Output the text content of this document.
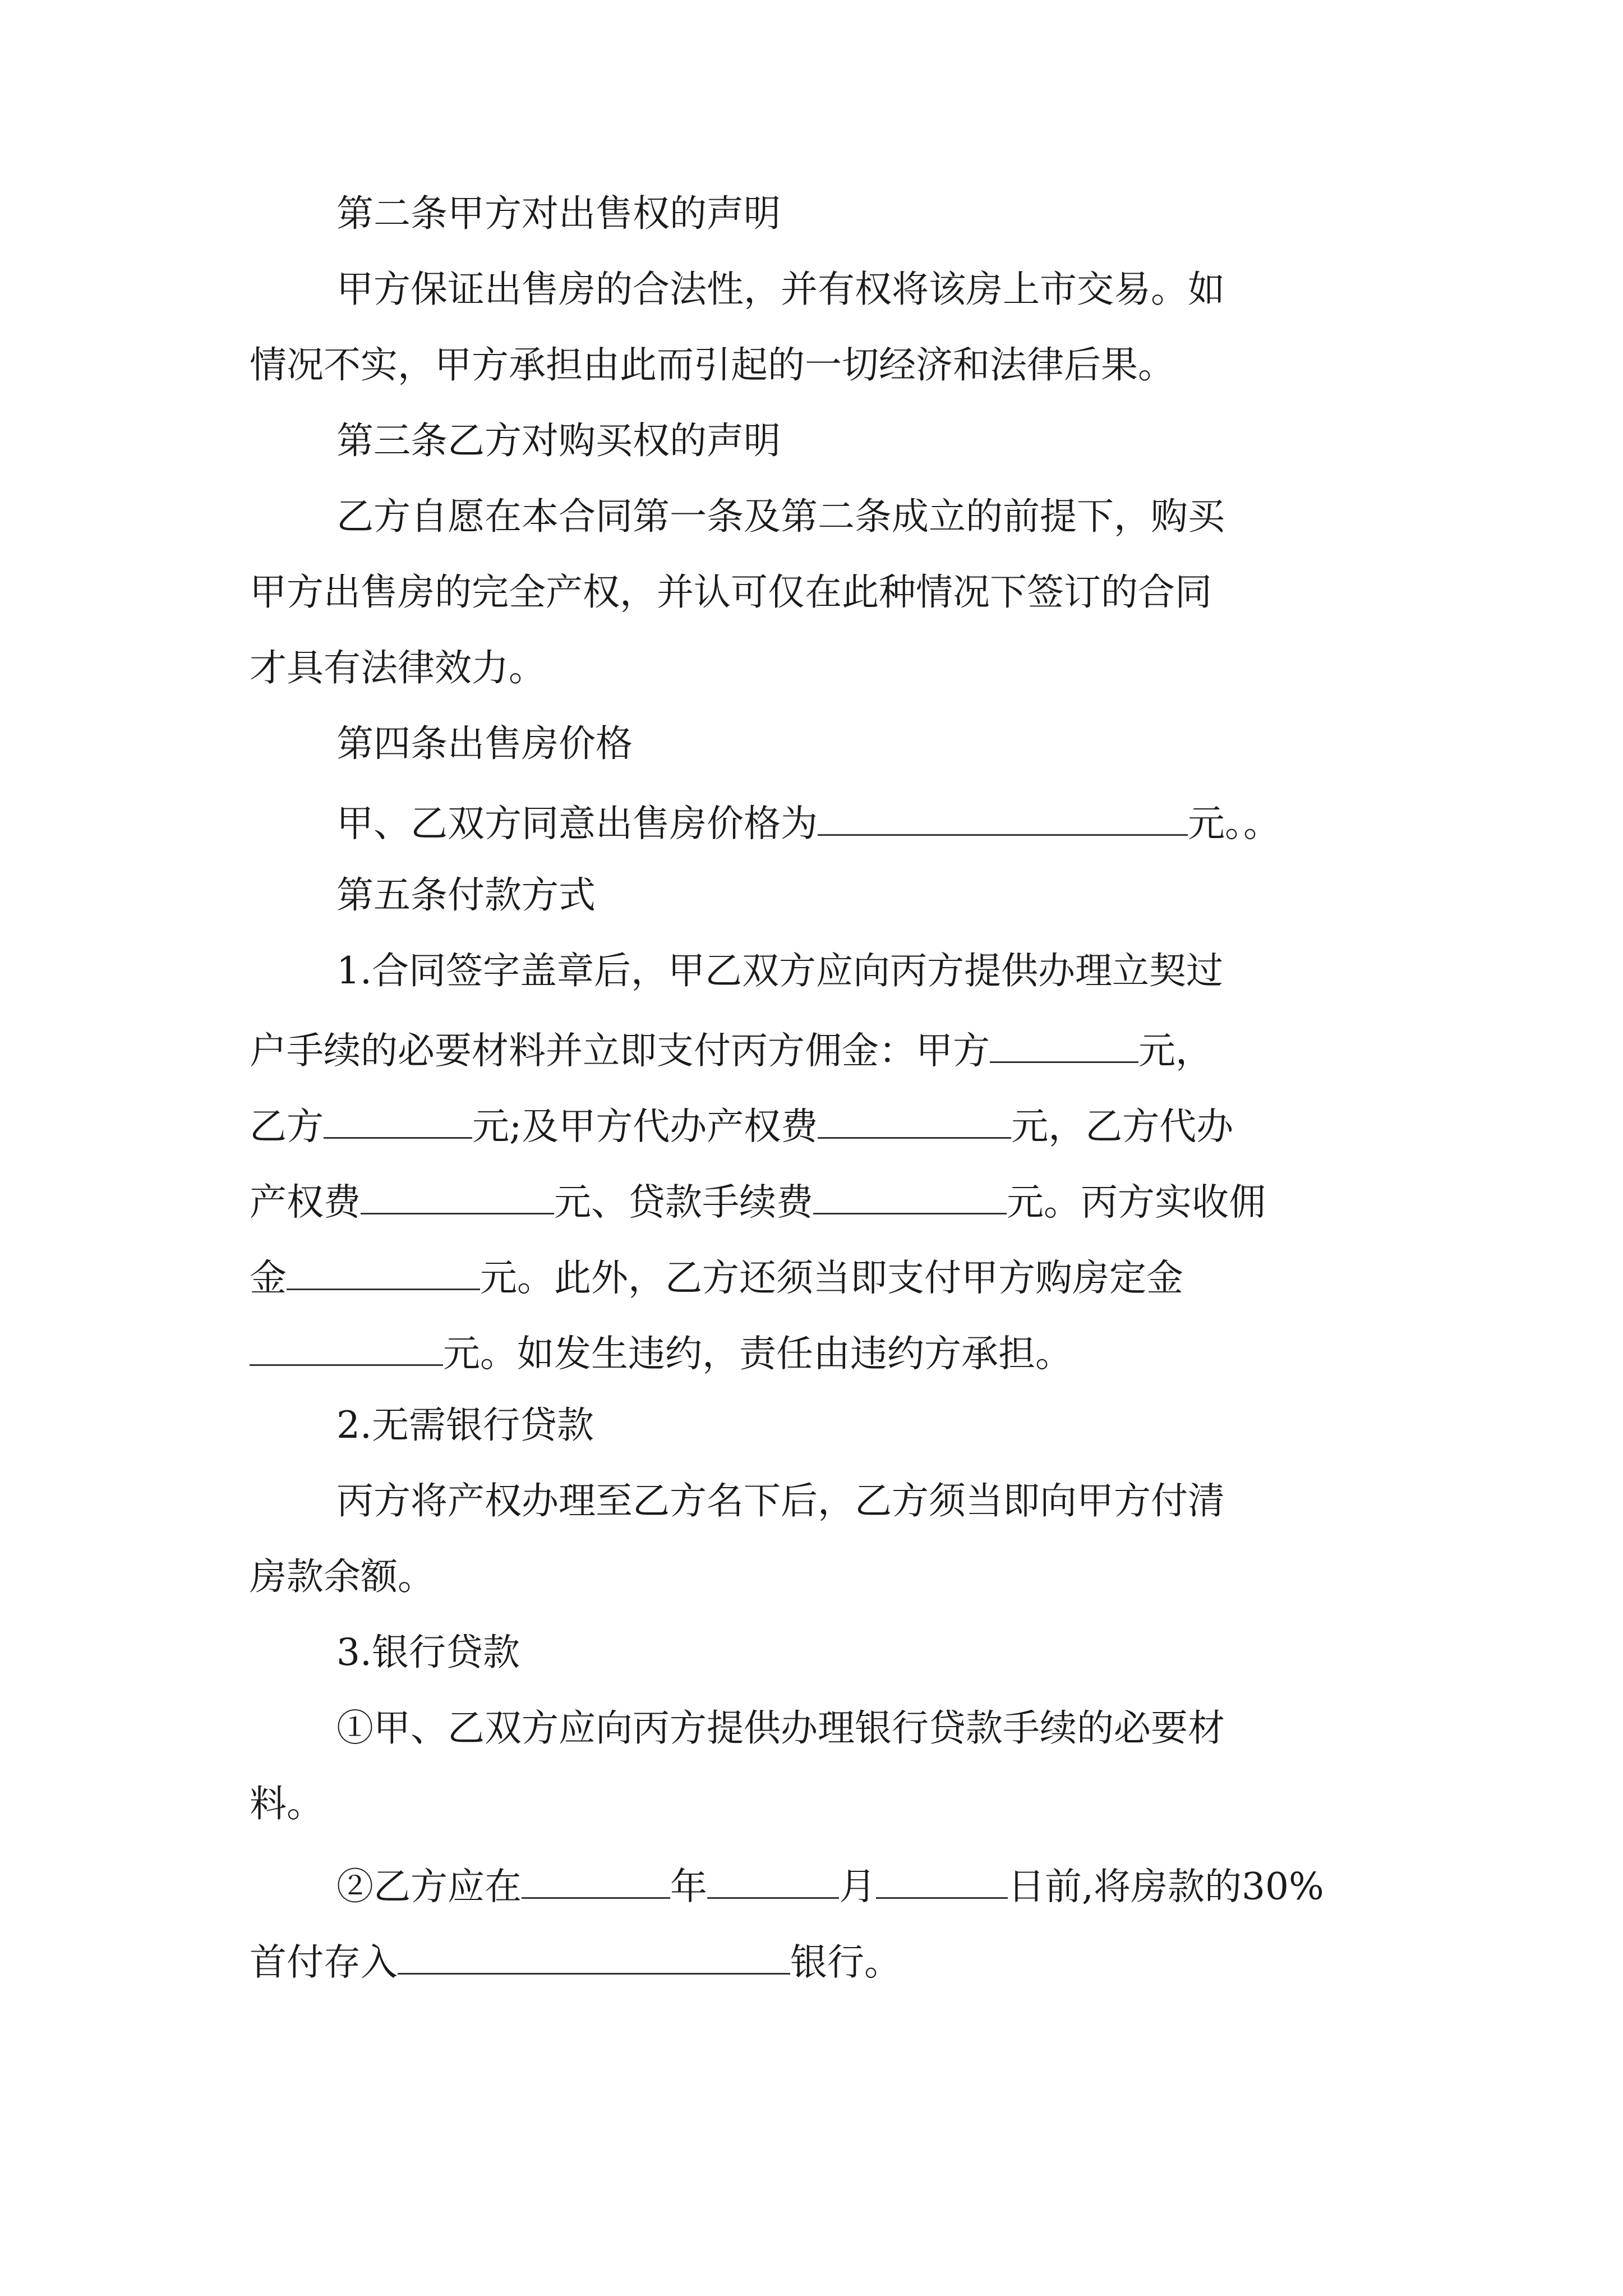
第二条甲方对出售权的声明
甲方保证出售房的合法性，并有权将该房上市交易。如
情况不实，甲方承担由此而引起的一切经济和法律后果。
第三条乙方对购买权的声明
乙方自愿在本合同第一条及第二条成立的前提下，购买
甲方出售房的完全产权，并认可仅在此种情况下签订的合同
才具有法律效力。
第四条出售房价格
甲、乙双方同意出售房价格为	元。。
第五条付款方式
1.合同签字盖章后，甲乙双方应向丙方提供办理立契过
户手续的必要材料并立即支付丙方佣金：甲方	元，
乙方	元;及甲方代办产权费	元，乙方代办
产权费	元、贷款手续费	元。丙方实收佣
金	元。此外，乙方还须当即支付甲方购房定金
元。如发生违约，责任由违约方承担。
2.无需银行贷款
丙方将产权办理至乙方名下后，乙方须当即向甲方付清
房款余额。
3.银行贷款
①甲、乙双方应向丙方提供办理银行贷款手续的必要材
料。
②乙方应在	年	月	日前,将房款的30%
首付存入	银行。
